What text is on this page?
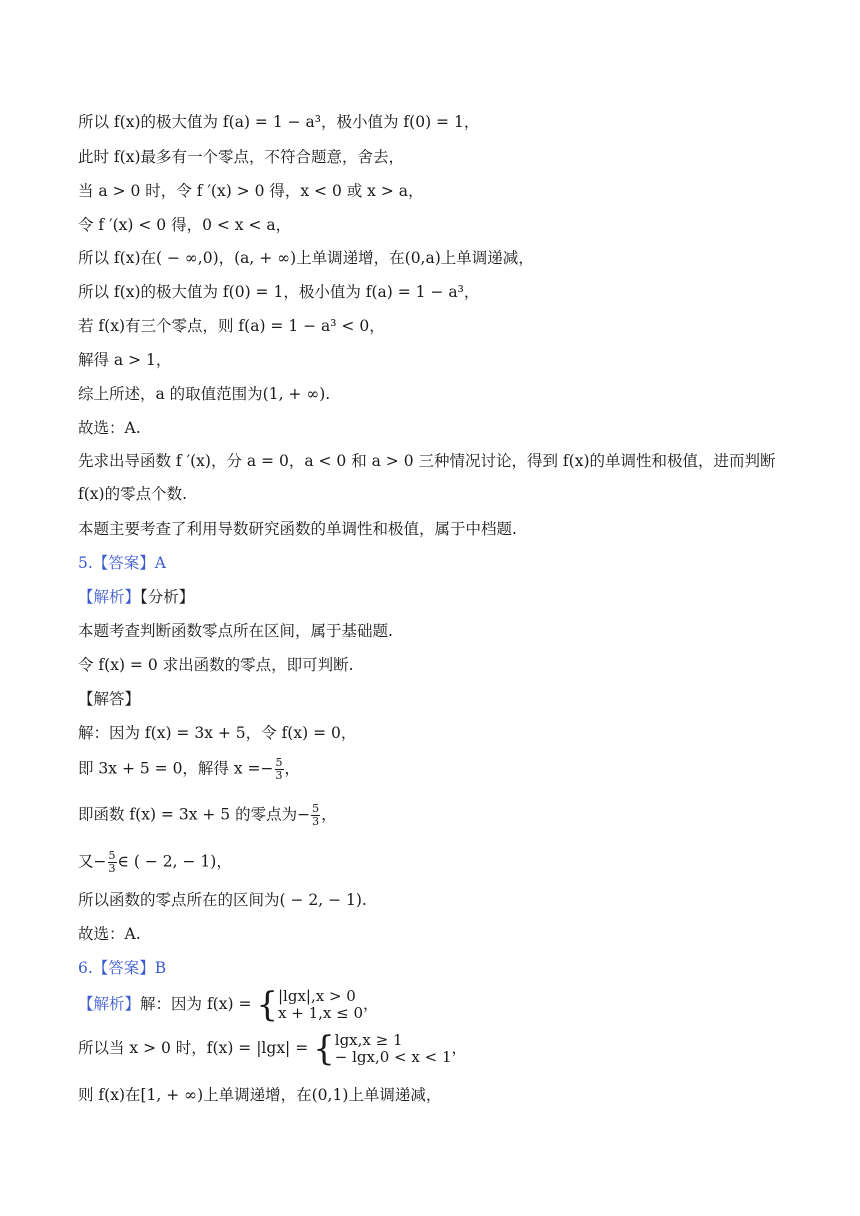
所以 f(x)的极大值为 f(a) = 1 − a³，极小值为 f(0) = 1，
此时 f(x)最多有一个零点，不符合题意，舍去，
当 a > 0 时，令 f ′(x) > 0 得，x < 0 或 x > a，
令 f ′(x) < 0 得，0 < x < a，
所以 f(x)在( − ∞,0)，(a, + ∞)上单调递增，在(0,a)上单调递减，
所以 f(x)的极大值为 f(0) = 1，极小值为 f(a) = 1 − a³，
若 f(x)有三个零点，则 f(a) = 1 − a³ < 0，
解得 a > 1，
综上所述，a 的取值范围为(1, + ∞).
故选：A.
先求出导函数 f ′(x)，分 a = 0，a < 0 和 a > 0 三种情况讨论，得到 f(x)的单调性和极值，进而判断 f(x)的零点个数.
本题主要考查了利用导数研究函数的单调性和极值，属于中档题.
5.【答案】A
【解析】【分析】
本题考查判断函数零点所在区间，属于基础题.
令 f(x) = 0 求出函数的零点，即可判断.
【解答】
解：因为 f(x) = 3x + 5，令 f(x) = 0，
即 3x + 5 = 0，解得 $x =- \frac{5}{3}$ ，
即函数 f(x) = 3x + 5 的零点为− $\frac{5}{3}$ ，
又− $\frac{5}{3}$ ∈ ( − 2, − 1)，
所以函数的零点所在的区间为( − 2, − 1).
故选：A.
6.【答案】B
【解析】解：因为 f(x) = { |lgx|,x > 0
x + 1,x ≤ 0 ，
所以当 x > 0 时，f(x) = |lgx| = { lgx,x ≥ 1
− lgx,0 < x < 1 ，
则 f(x)在[1, + ∞)上单调递增，在(0,1)上单调递减，
